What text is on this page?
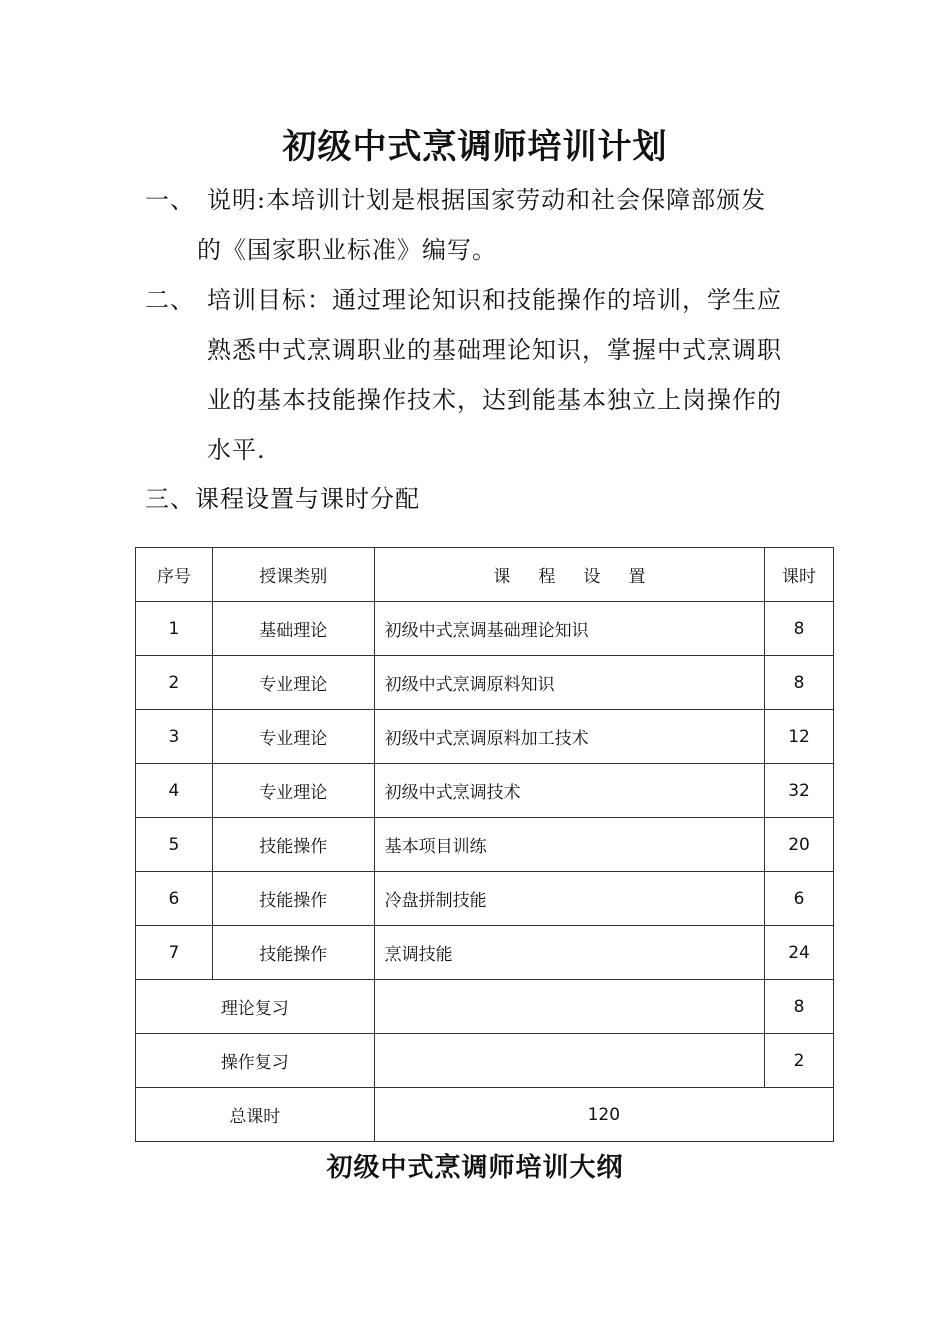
初级中式烹调师培训计划
一、 说明:本培训计划是根据国家劳动和社会保障部颁发
的《国家职业标准》编写。
二、 培训目标：通过理论知识和技能操作的培训，学生应
熟悉中式烹调职业的基础理论知识，掌握中式烹调职
业的基本技能操作技术，达到能基本独立上岗操作的
水平.
三、课程设置与课时分配
序号	授课类别	课程设置	课时
1	基础理论	初级中式烹调基础理论知识	8
2	专业理论	初级中式烹调原料知识	8
3	专业理论	初级中式烹调原料加工技术	12
4	专业理论	初级中式烹调技术	32
5	技能操作	基本项目训练	20
6	技能操作	冷盘拼制技能	6
7	技能操作	烹调技能	24
理论复习			8
操作复习			2
总课时		120	
初级中式烹调师培训大纲
